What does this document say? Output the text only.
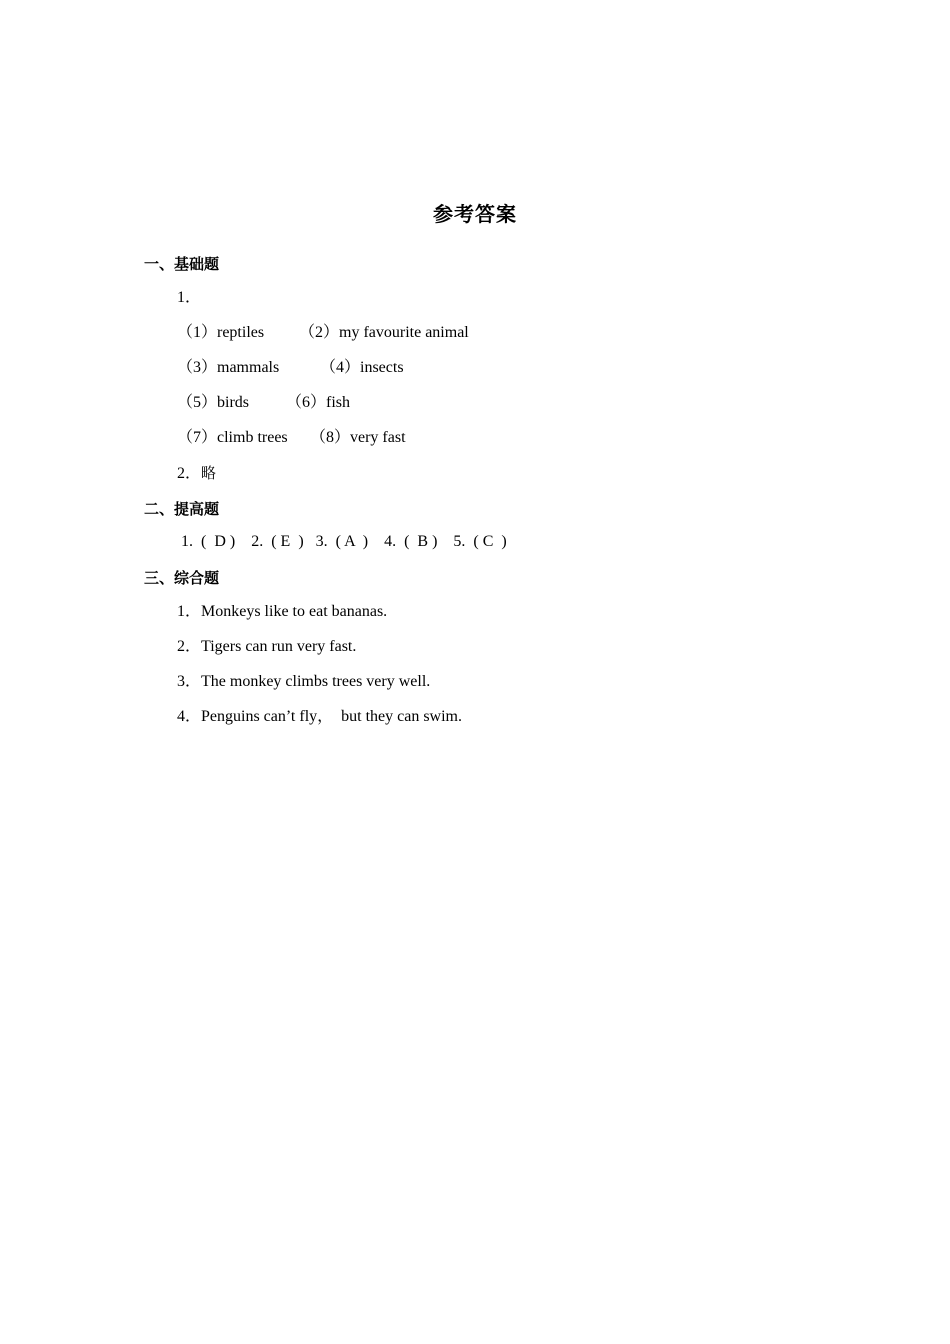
参考答案
一、基础题
1．
（1）reptiles （2）my favourite animal
（3）mammals	（4）insects
（5）birds （6）fish
（7）climb trees （8）very fast
2．略
二、提高题
1.  (  D )    2.  ( E  )   3.  ( A  )    4.  (  B )    5.  ( C  )
三、综合题
1．Monkeys like to eat bananas.
2．Tigers can run very fast.
3．The monkey climbs trees very well.
4．Penguins can’t fly，  but they can swim.
